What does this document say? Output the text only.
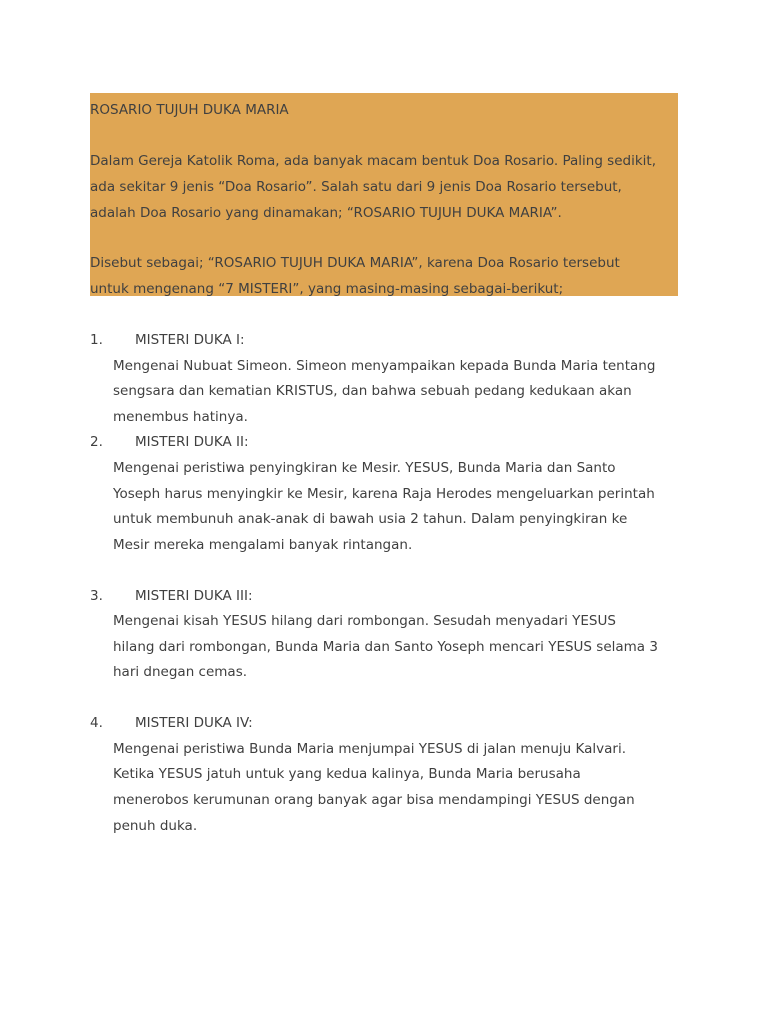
ROSARIO TUJUH DUKA MARIA
Dalam Gereja Katolik Roma, ada banyak macam bentuk Doa Rosario. Paling sedikit,
ada sekitar 9 jenis “Doa Rosario”. Salah satu dari 9 jenis Doa Rosario tersebut,
adalah Doa Rosario yang dinamakan; “ROSARIO TUJUH DUKA MARIA”.
Disebut sebagai; “ROSARIO TUJUH DUKA MARIA”, karena Doa Rosario tersebut
untuk mengenang “7 MISTERI”, yang masing-masing sebagai-berikut;
1. MISTERI DUKA I:
Mengenai Nubuat Simeon. Simeon menyampaikan kepada Bunda Maria tentang
sengsara dan kematian KRISTUS, dan bahwa sebuah pedang kedukaan akan
menembus hatinya.
2. MISTERI DUKA II:
Mengenai peristiwa penyingkiran ke Mesir. YESUS, Bunda Maria dan Santo
Yoseph harus menyingkir ke Mesir, karena Raja Herodes mengeluarkan perintah
untuk membunuh anak-anak di bawah usia 2 tahun. Dalam penyingkiran ke
Mesir mereka mengalami banyak rintangan.
3. MISTERI DUKA III:
Mengenai kisah YESUS hilang dari rombongan. Sesudah menyadari YESUS
hilang dari rombongan, Bunda Maria dan Santo Yoseph mencari YESUS selama 3
hari dnegan cemas.
4. MISTERI DUKA IV:
Mengenai peristiwa Bunda Maria menjumpai YESUS di jalan menuju Kalvari.
Ketika YESUS jatuh untuk yang kedua kalinya, Bunda Maria berusaha
menerobos kerumunan orang banyak agar bisa mendampingi YESUS dengan
penuh duka.
